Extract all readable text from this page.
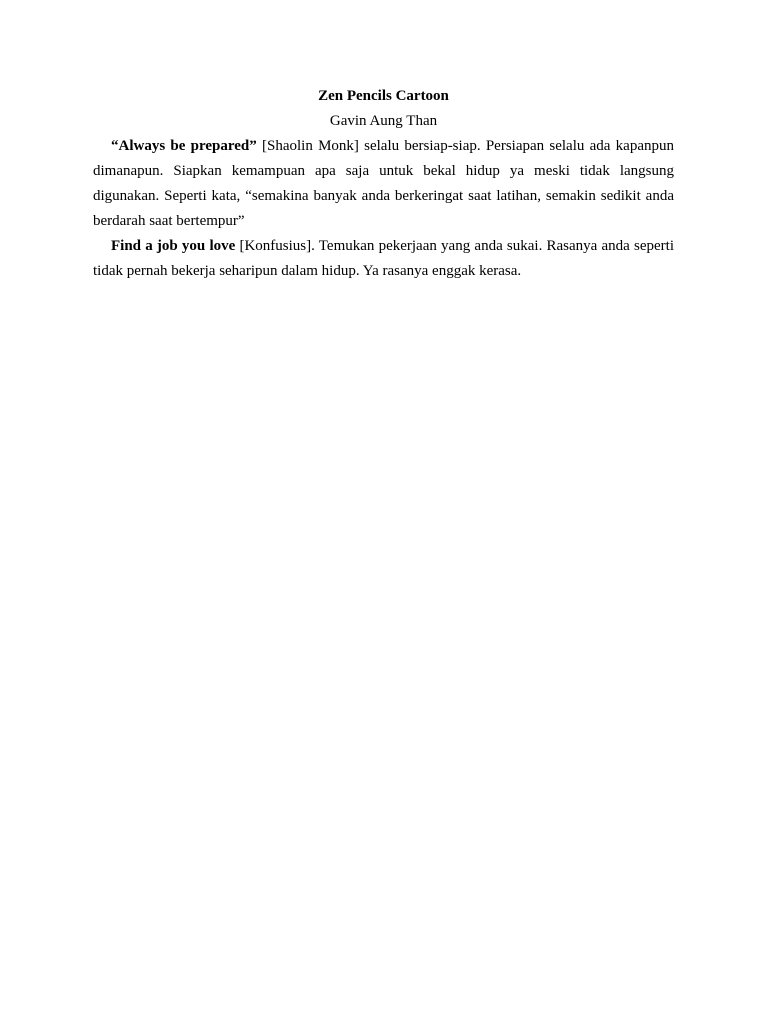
Zen Pencils Cartoon

Gavin Aung Than

“Always be prepared” [Shaolin Monk] selalu bersiap-siap. Persiapan selalu ada kapanpun dimanapun. Siapkan kemampuan apa saja untuk bekal hidup ya meski tidak langsung digunakan. Seperti kata, “semakina banyak anda berkeringat saat latihan, semakin sedikit anda berdarah saat bertempur”

Find a job you love [Konfusius]. Temukan pekerjaan yang anda sukai. Rasanya anda seperti tidak pernah bekerja seharipun dalam hidup. Ya rasanya enggak kerasa.
